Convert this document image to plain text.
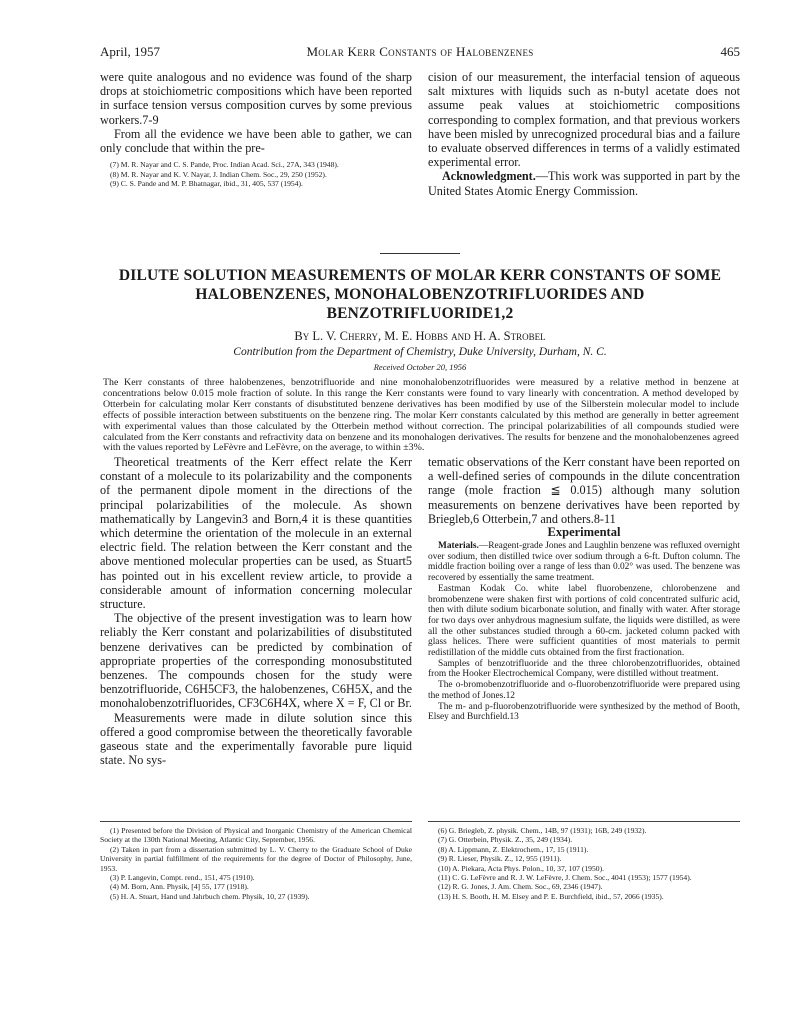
April, 1957	Molar Kerr Constants of Halobenzenes	465

were quite analogous and no evidence was found of the sharp drops at stoichiometric compositions which have been reported in surface tension versus composition curves by some previous workers.7-9

From all the evidence we have been able to gather, we can only conclude that within the pre-

(7) M. R. Nayar and C. S. Pande, Proc. Indian Acad. Sci., 27A, 343 (1948).
(8) M. R. Nayar and K. V. Nayar, J. Indian Chem. Soc., 29, 250 (1952).
(9) C. S. Pande and M. P. Bhatnagar, ibid., 31, 405, 537 (1954).

cision of our measurement, the interfacial tension of aqueous salt mixtures with liquids such as n-butyl acetate does not assume peak values at stoichiometric compositions corresponding to complex formation, and that previous workers have been misled by unrecognized procedural bias and a failure to evaluate observed differences in terms of a validly estimated experimental error.

Acknowledgment.—This work was supported in part by the United States Atomic Energy Commission.

DILUTE SOLUTION MEASUREMENTS OF MOLAR KERR CONSTANTS OF SOME HALOBENZENES, MONOHALOBENZOTRIFLUORIDES AND BENZOTRIFLUORIDE1,2
By L. V. Cherry, M. E. Hobbs and H. A. Strobel
Contribution from the Department of Chemistry, Duke University, Durham, N. C.
Received October 20, 1956
The Kerr constants of three halobenzenes, benzotrifluoride and nine monohalobenzotrifluorides were measured by a relative method in benzene at concentrations below 0.015 mole fraction of solute. In this range the Kerr constants were found to vary linearly with concentration. A method developed by Otterbein for calculating molar Kerr constants of disubstituted benzene derivatives has been modified by use of the Silberstein molecular model to include effects of possible interaction between substituents on the benzene ring. The molar Kerr constants calculated by this method are generally in better agreement with experimental values than those calculated by the Otterbein method without correction. The principal polarizabilities of all compounds studied were calculated from the Kerr constants and refractivity data on benzene and its monohalogen derivatives. The results for benzene and the monohalobenzenes agreed with the values reported by LeFèvre and LeFèvre, on the average, to within ±3%.

Theoretical treatments of the Kerr effect relate the Kerr constant of a molecule to its polarizability and the components of the permanent dipole moment in the directions of the principal polarizabilities of the molecule. As shown mathematically by Langevin3 and Born,4 it is these quantities which determine the orientation of the molecule in an external electric field. The relation between the Kerr constant and the above mentioned molecular properties can be used, as Stuart5 has pointed out in his excellent review article, to provide a considerable amount of information concerning molecular structure.

The objective of the present investigation was to learn how reliably the Kerr constant and polarizabilities of disubstituted benzene derivatives can be predicted by combination of appropriate properties of the corresponding monosubstituted benzenes. The compounds chosen for the study were benzotrifluoride, C6H5CF3, the halobenzenes, C6H5X, and the monohalobenzotrifluorides, CF3C6H4X, where X = F, Cl or Br.

Measurements were made in dilute solution since this offered a good compromise between the theoretically favorable gaseous state and the experimentally favorable pure liquid state. No sys-

(1) Presented before the Division of Physical and Inorganic Chemistry of the American Chemical Society at the 130th National Meeting, Atlantic City, September, 1956.
(2) Taken in part from a dissertation submitted by L. V. Cherry to the Graduate School of Duke University in partial fulfillment of the requirements for the degree of Doctor of Philosophy, June, 1953.
(3) P. Langevin, Compt. rend., 151, 475 (1910).
(4) M. Born, Ann. Physik, [4] 55, 177 (1918).
(5) H. A. Stuart, Hand und Jahrbuch chem. Physik, 10, 27 (1939).

tematic observations of the Kerr constant have been reported on a well-defined series of compounds in the dilute concentration range (mole fraction ≦ 0.015) although many solution measurements on benzene derivatives have been reported by Briegleb,6 Otterbein,7 and others.8-11

Experimental

Materials.—Reagent-grade Jones and Laughlin benzene was refluxed overnight over sodium, then distilled twice over sodium through a 6-ft. Dufton column. The middle fraction boiling over a range of less than 0.02° was used. The benzene was recovered by essentially the same treatment.

Eastman Kodak Co. white label fluorobenzene, chlorobenzene and bromobenzene were shaken first with portions of cold concentrated sulfuric acid, then with dilute sodium bicarbonate solution, and finally with water. After storage for two days over anhydrous magnesium sulfate, the liquids were distilled, as were all the other substances studied through a 60-cm. jacketed column packed with glass helices. There were sufficient quantities of most materials to permit redistillation of the middle cuts obtained from the first fractionation.

Samples of benzotrifluoride and the three chlorobenzotrifluorides, obtained from the Hooker Electrochemical Company, were distilled without treatment.

The o-bromobenzotrifluoride and o-fluorobenzotrifluoride were prepared using the method of Jones.12

The m- and p-fluorobenzotrifluoride were synthesized by the method of Booth, Elsey and Burchfield.13

(6) G. Briegleb, Z. physik. Chem., 14B, 97 (1931); 16B, 249 (1932).
(7) G. Otterbein, Physik. Z., 35, 249 (1934).
(8) A. Lippmann, Z. Elektrochem., 17, 15 (1911).
(9) R. Lieser, Physik. Z., 12, 955 (1911).
(10) A. Piekara, Acta Phys. Polon., 10, 37, 107 (1950).
(11) C. G. LeFèvre and R. J. W. LeFèvre, J. Chem. Soc., 4041 (1953); 1577 (1954).
(12) R. G. Jones, J. Am. Chem. Soc., 69, 2346 (1947).
(13) H. S. Booth, H. M. Elsey and P. E. Burchfield, ibid., 57, 2066 (1935).
